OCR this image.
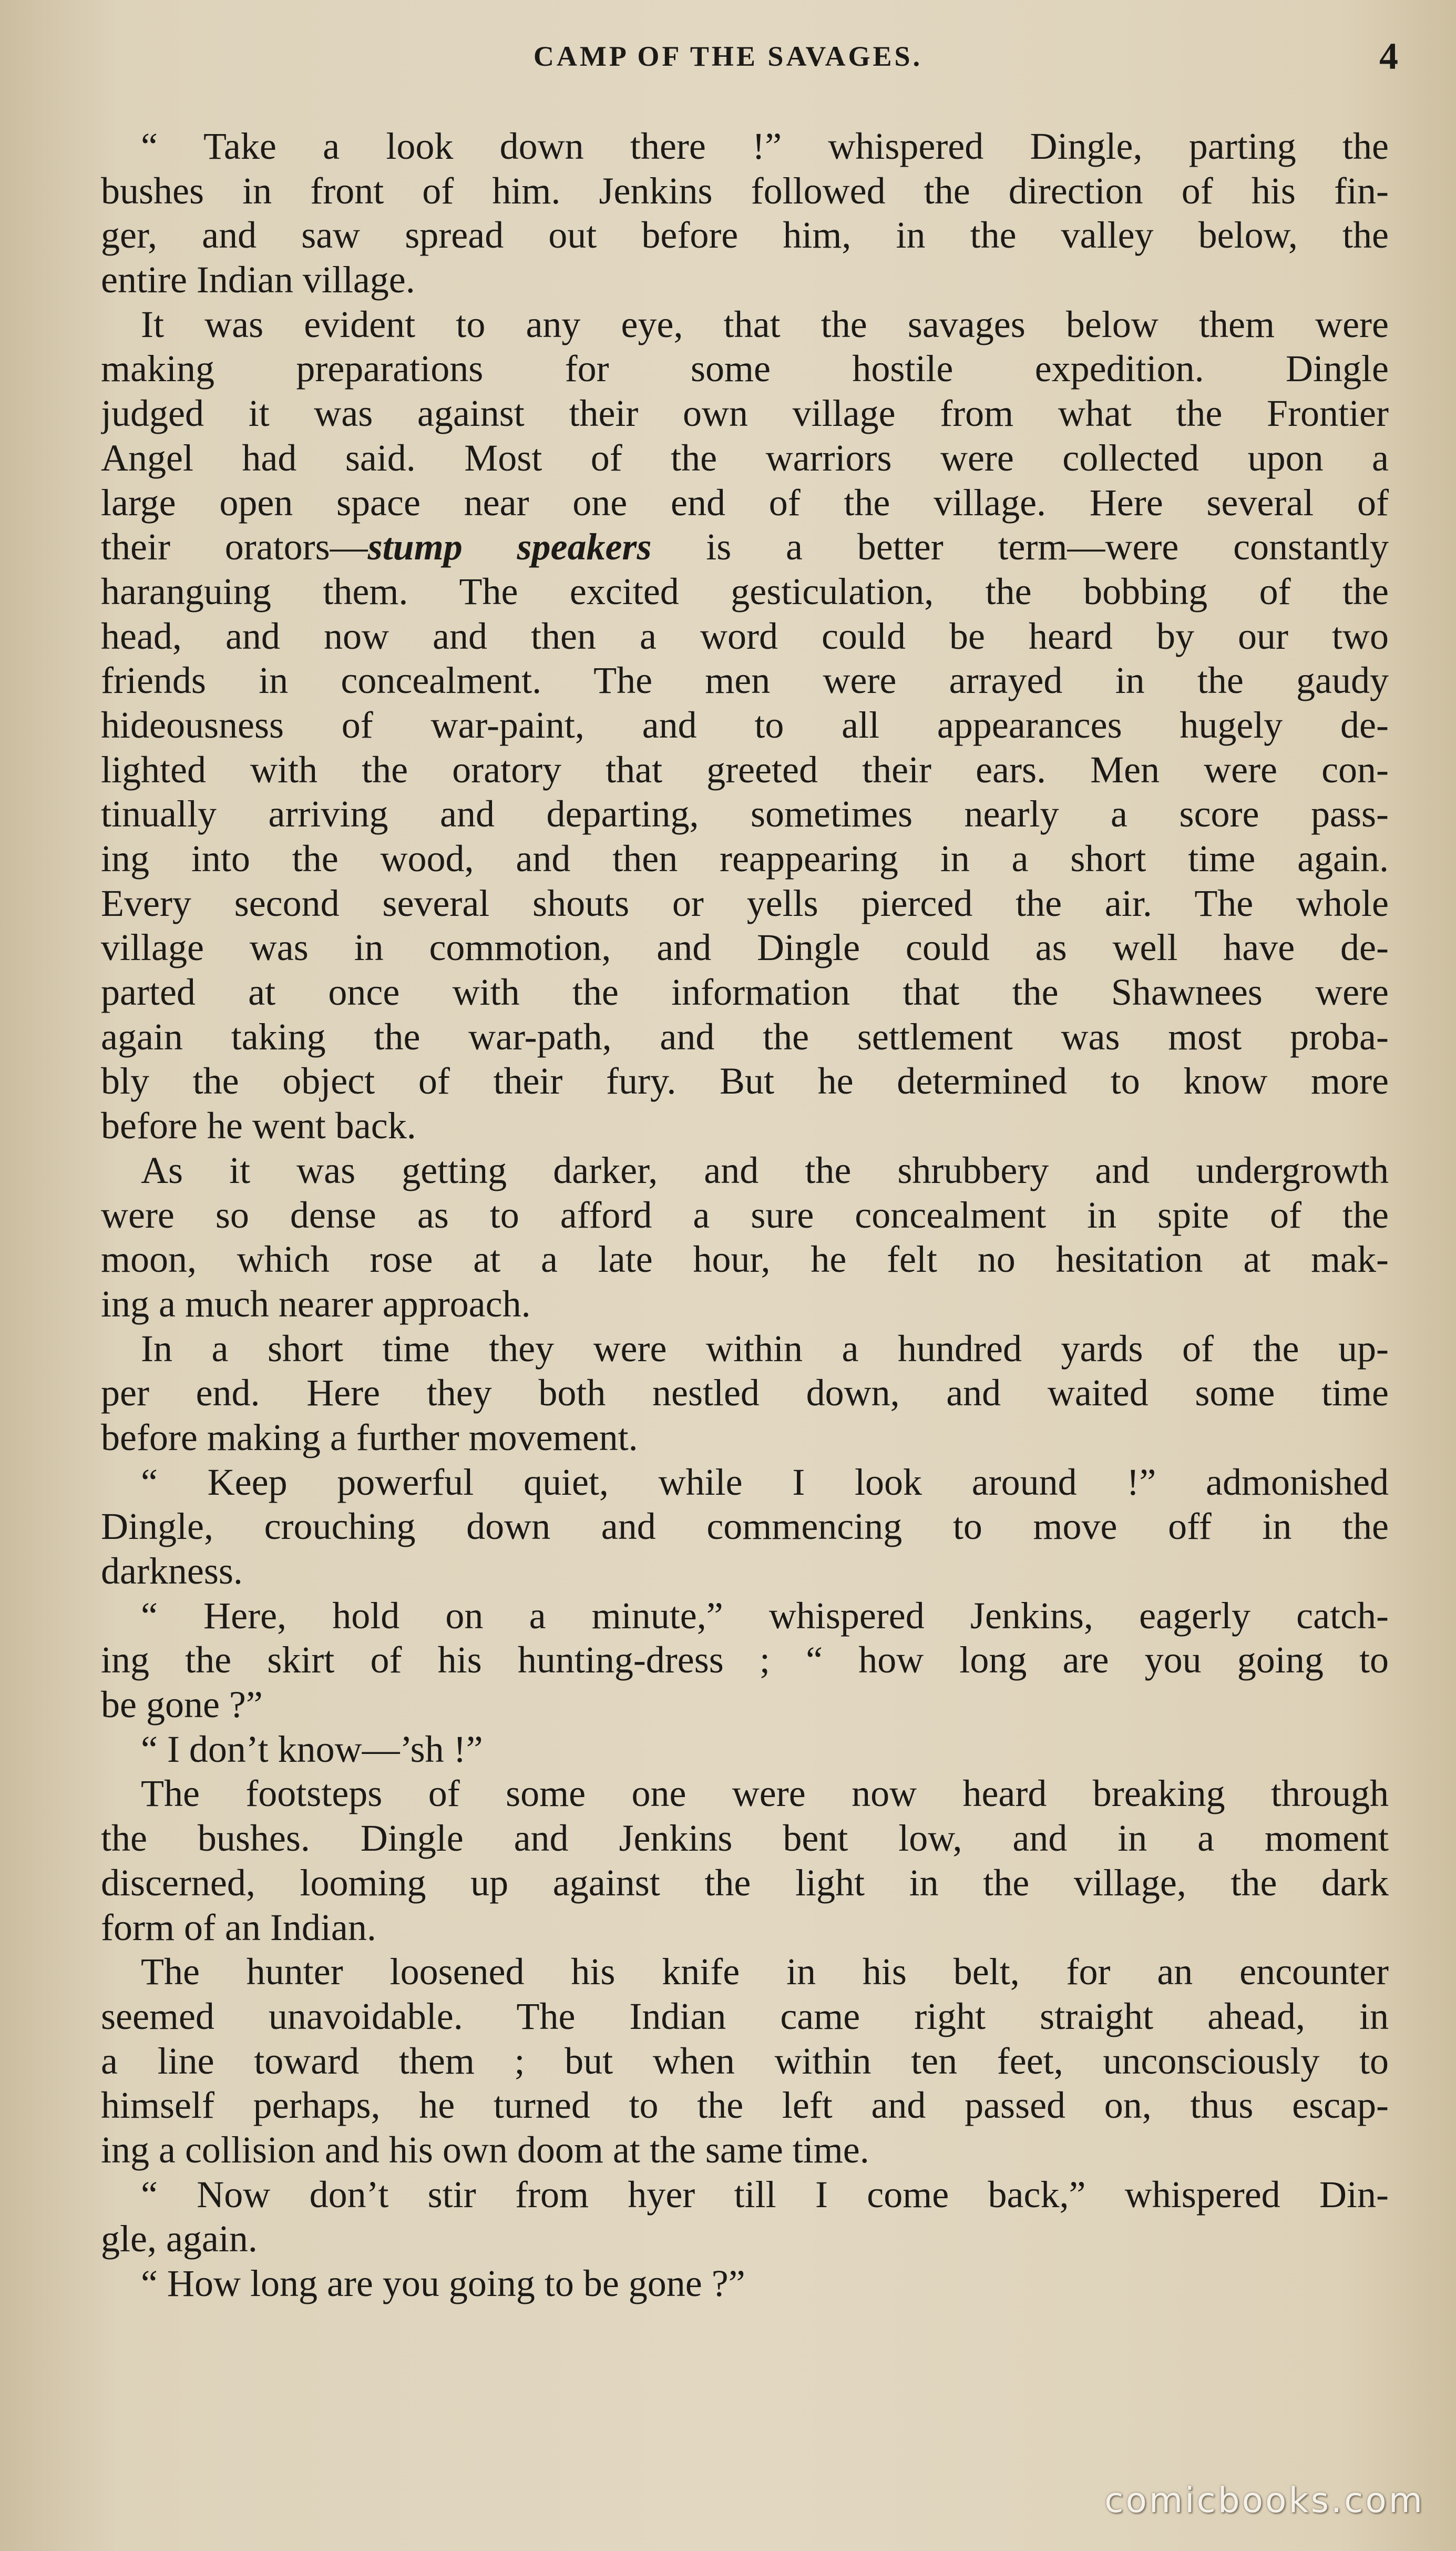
CAMP OF THE SAVAGES.	4
“ Take a look down there !” whispered Dingle, parting the
bushes in front of him. Jenkins followed the direction of his fin-
ger, and saw spread out before him, in the valley below, the
entire Indian village.
It was evident to any eye, that the savages below them were
making preparations for some hostile expedition. Dingle
judged it was against their own village from what the Frontier
Angel had said. Most of the warriors were collected upon a
large open space near one end of the village. Here several of
their orators—stump speakers is a better term—were constantly
haranguing them. The excited gesticulation, the bobbing of the
head, and now and then a word could be heard by our two
friends in concealment. The men were arrayed in the gaudy
hideousness of war-paint, and to all appearances hugely de-
lighted with the oratory that greeted their ears. Men were con-
tinually arriving and departing, sometimes nearly a score pass-
ing into the wood, and then reappearing in a short time again.
Every second several shouts or yells pierced the air. The whole
village was in commotion, and Dingle could as well have de-
parted at once with the information that the Shawnees were
again taking the war-path, and the settlement was most proba-
bly the object of their fury. But he determined to know more
before he went back.
As it was getting darker, and the shrubbery and undergrowth
were so dense as to afford a sure concealment in spite of the
moon, which rose at a late hour, he felt no hesitation at mak-
ing a much nearer approach.
In a short time they were within a hundred yards of the up-
per end. Here they both nestled down, and waited some time
before making a further movement.
“ Keep powerful quiet, while I look around !” admonished
Dingle, crouching down and commencing to move off in the
darkness.
“ Here, hold on a minute,” whispered Jenkins, eagerly catch-
ing the skirt of his hunting-dress ; “ how long are you going to
be gone ?”
“ I don’t know—’sh !”
The footsteps of some one were now heard breaking through
the bushes. Dingle and Jenkins bent low, and in a moment
discerned, looming up against the light in the village, the dark
form of an Indian.
The hunter loosened his knife in his belt, for an encounter
seemed unavoidable. The Indian came right straight ahead, in
a line toward them ; but when within ten feet, unconsciously to
himself perhaps, he turned to the left and passed on, thus escap-
ing a collision and his own doom at the same time.
“ Now don’t stir from hyer till I come back,” whispered Din-
gle, again.
“ How long are you going to be gone ?”
comicbooks.com
